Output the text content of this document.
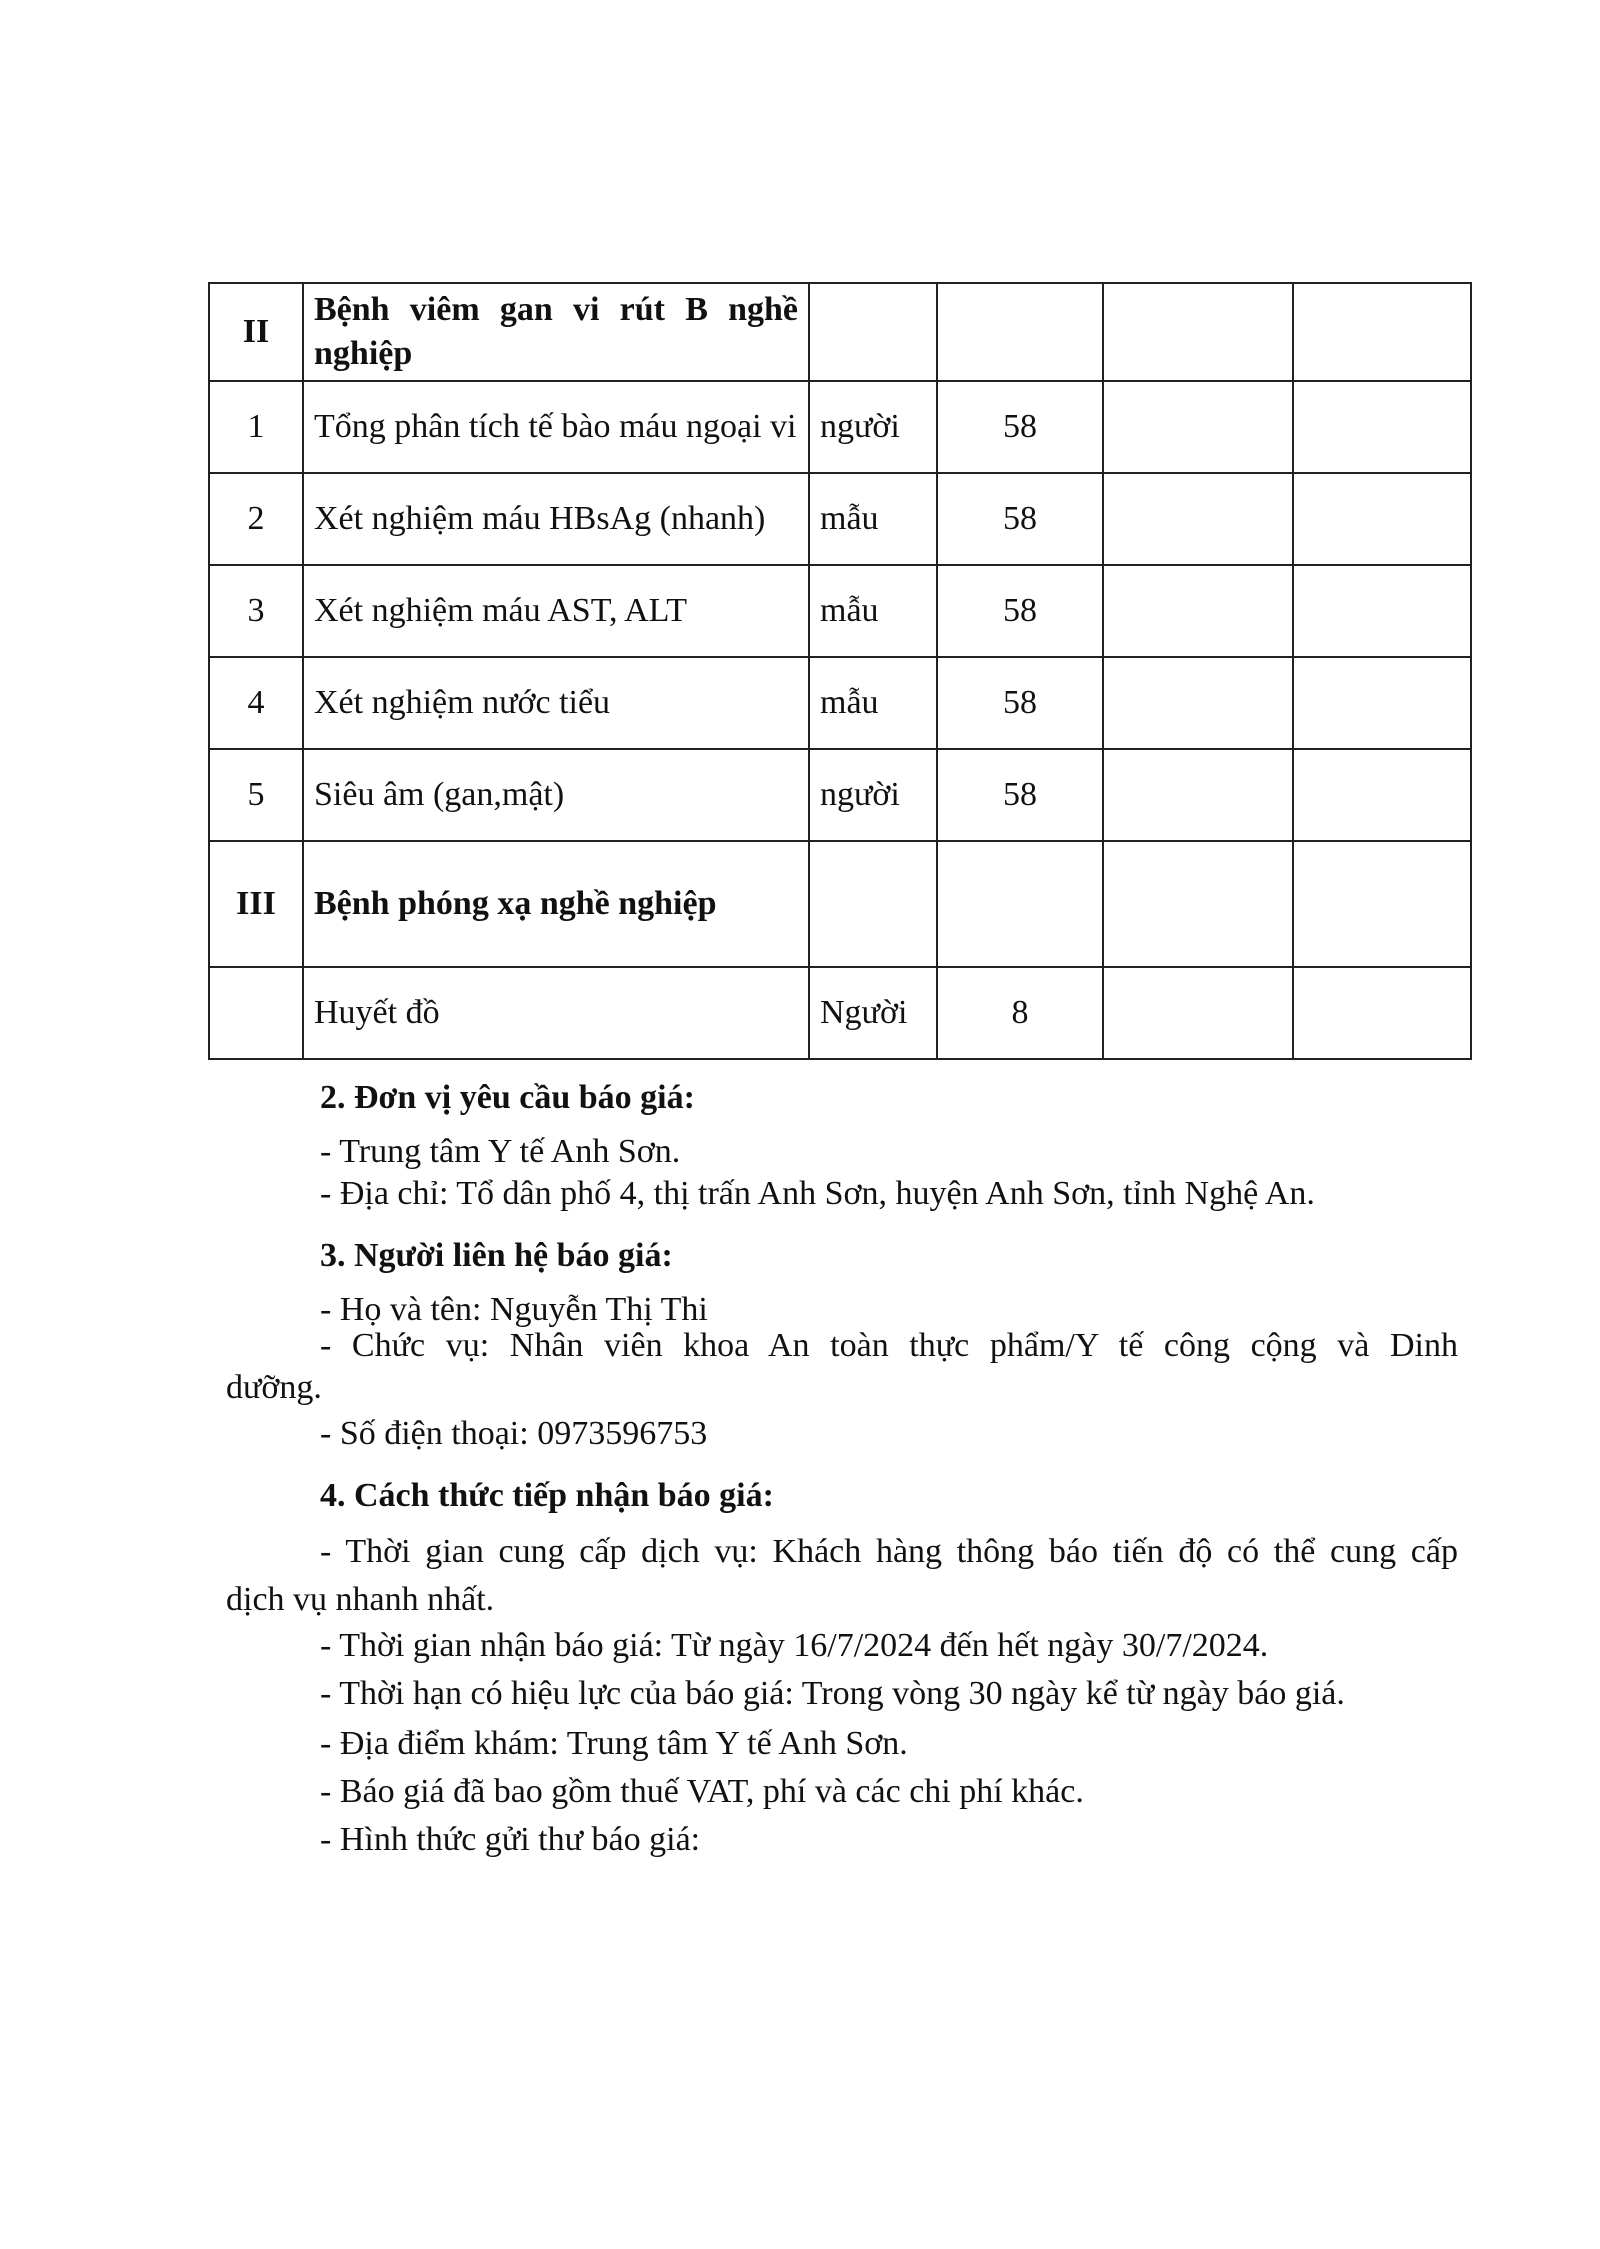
II	Bệnh viêm gan vi rút B nghề nghiệp				
1	Tổng phân tích tế bào máu ngoại vi	người	58		
2	Xét nghiệm máu HBsAg (nhanh)	mẫu	58		
3	Xét nghiệm máu AST, ALT	mẫu	58		
4	Xét nghiệm nước tiểu	mẫu	58		
5	Siêu âm (gan,mật)	người	58		
III	Bệnh phóng xạ nghề nghiệp				
	Huyết đồ	Người	8		
2. Đơn vị yêu cầu báo giá:
- Trung tâm Y tế Anh Sơn.
- Địa chỉ: Tổ dân phố 4, thị trấn Anh Sơn, huyện Anh Sơn, tỉnh Nghệ An.
3. Người liên hệ báo giá:
- Họ và tên: Nguyễn Thị Thi
- Chức vụ: Nhân viên khoa An toàn thực phẩm/Y tế công cộng và Dinh
dưỡng.
- Số điện thoại: 0973596753
4. Cách thức tiếp nhận báo giá:
- Thời gian cung cấp dịch vụ: Khách hàng thông báo tiến độ có thể cung cấp
dịch vụ nhanh nhất.
- Thời gian nhận báo giá: Từ ngày 16/7/2024 đến hết ngày 30/7/2024.
- Thời hạn có hiệu lực của báo giá: Trong vòng 30 ngày kể từ ngày báo giá.
- Địa điểm khám: Trung tâm Y tế Anh Sơn.
- Báo giá đã bao gồm thuế VAT, phí và các chi phí khác.
- Hình thức gửi thư báo giá:
